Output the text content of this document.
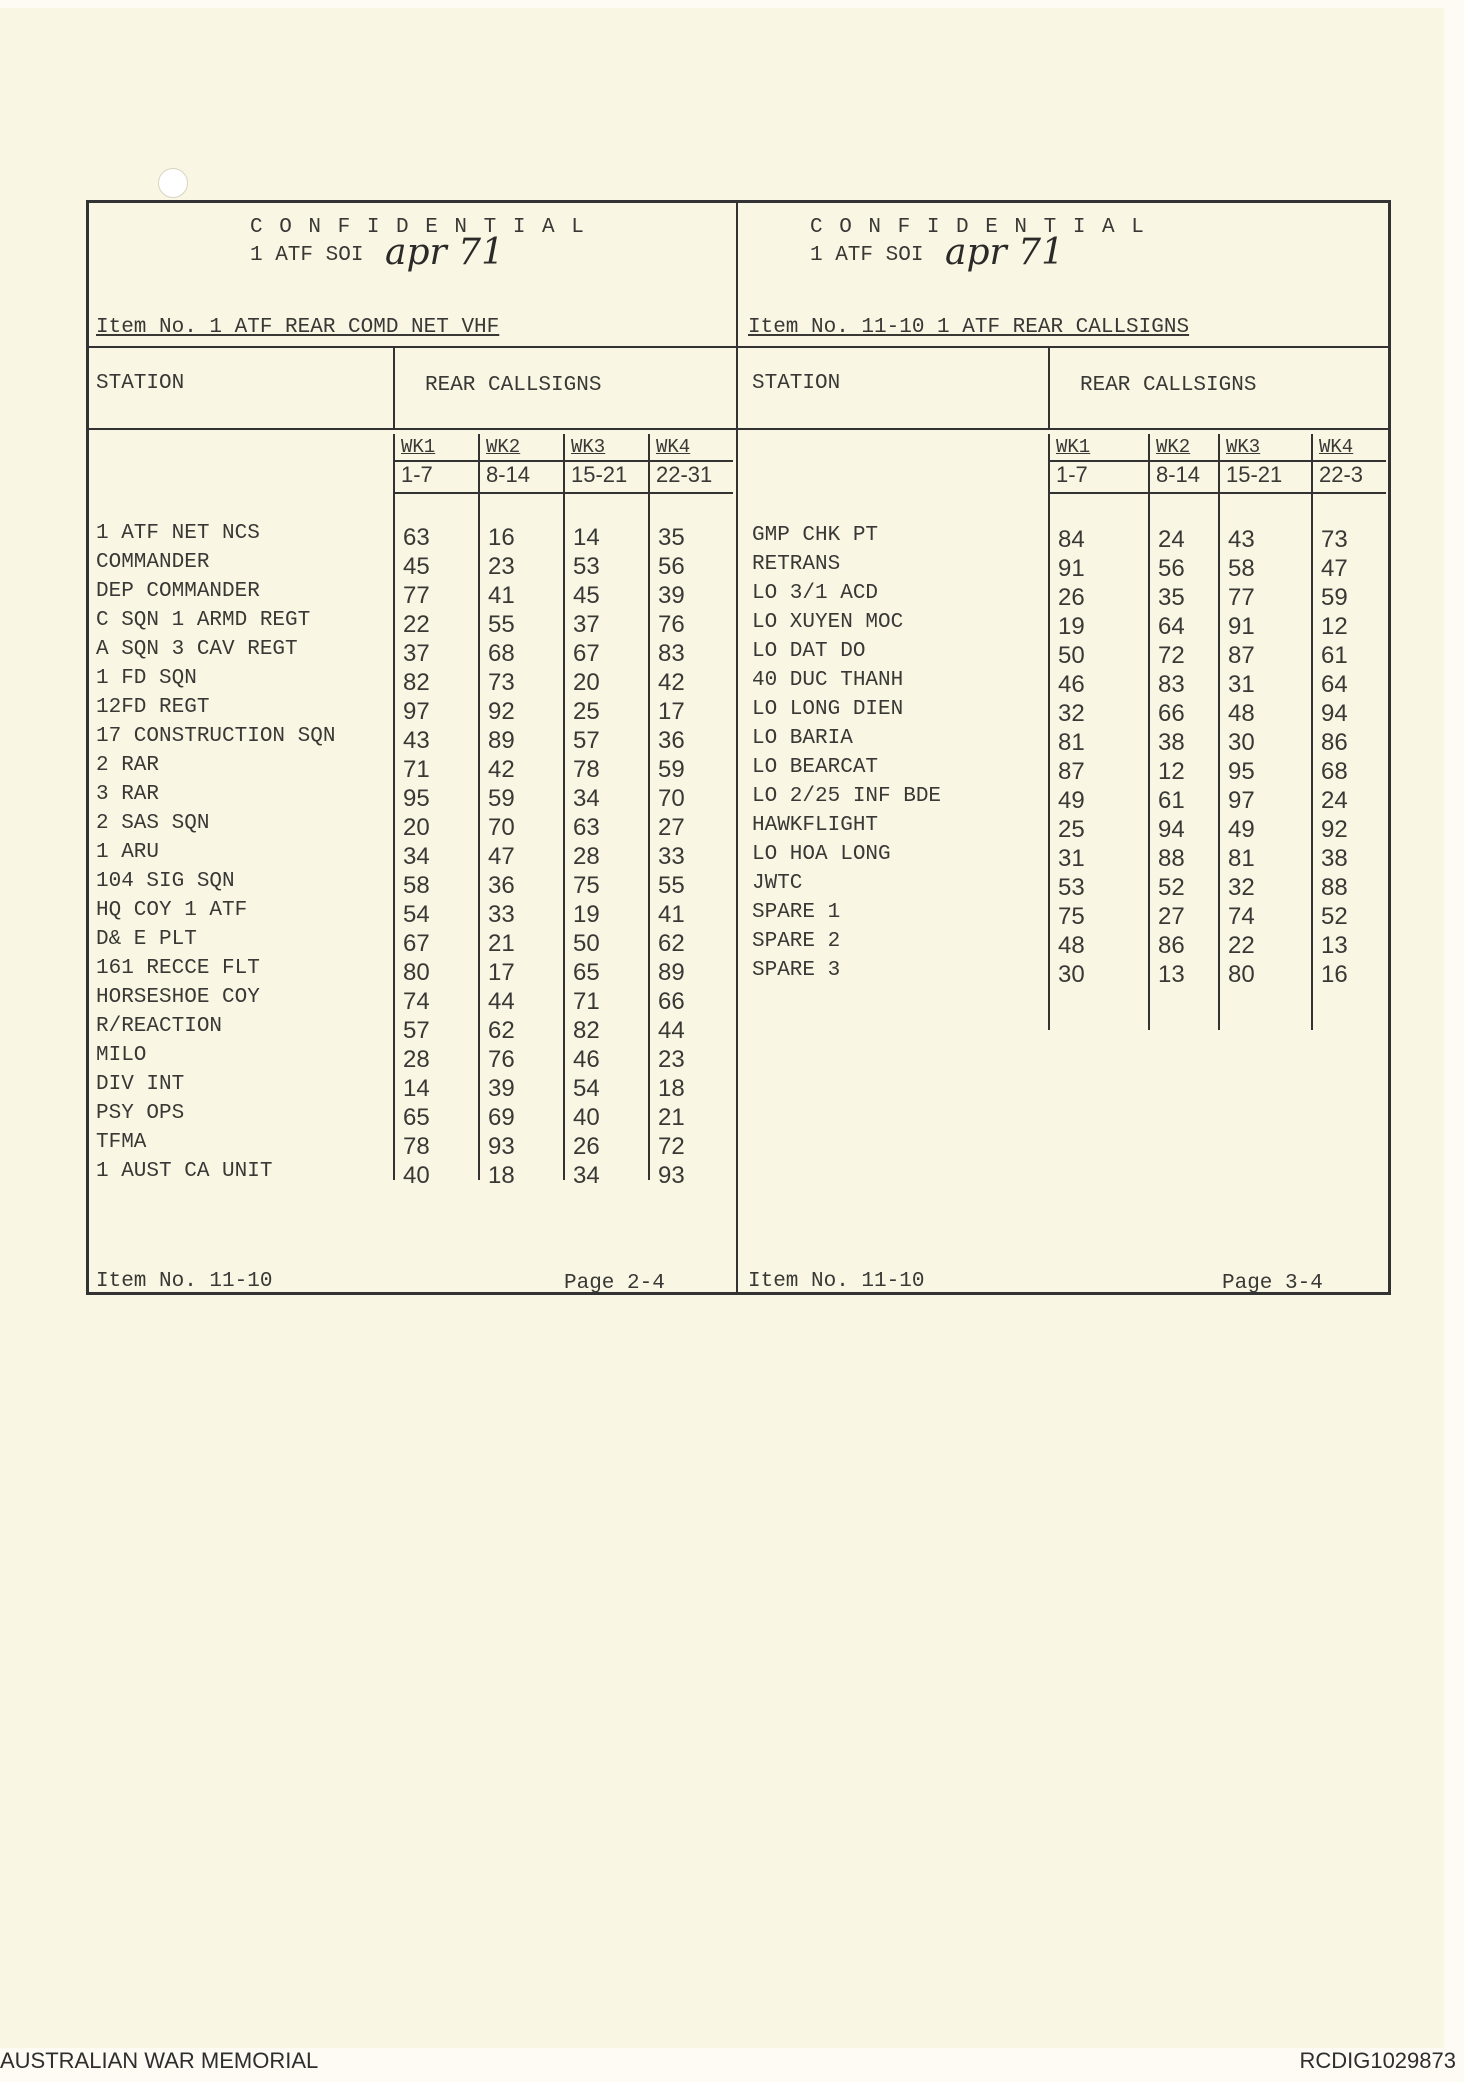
C O N F I D E N T I A L
1 ATF SOI apr 71
Item No. 1 ATF REAR COMD NET VHF
STATION	REAR CALLSIGNS
WK1
1-7
WK2
8-14
WK3
15-21
WK4
22-31
1 ATF NET NCS	63 16 14 35
COMMANDER	45 23 53 56
DEP COMMANDER	77 41 45 39
C SQN 1 ARMD REGT	22 55 37 76
A SQN 3 CAV REGT	37 68 67 83
1 FD SQN	82 73 20 42
12FD REGT	97 92 25 17
17 CONSTRUCTION SQN	43 89 57 36
2 RAR	71 42 78 59
3 RAR	95 59 34 70
2 SAS SQN	20 70 63 27
1 ARU	34 47 28 33
104 SIG SQN	58 36 75 55
HQ COY 1 ATF	54 33 19 41
D& E PLT	67 21 50 62
161 RECCE FLT	80 17 65 89
HORSESHOE COY	74 44 71 66
R/REACTION	57 62 82 44
MILO	28 76 46 23
DIV INT	14 39 54 18
PSY OPS	65 69 40 21
TFMA	78 93 26 72
1 AUST CA UNIT	40 18 34 93
Item No. 11-10	Page 2-4
C O N F I D E N T I A L
1 ATF SOI apr 71
Item No. 11-10 1 ATF REAR CALLSIGNS
STATION	REAR CALLSIGNS
WK1
1-7
WK2
8-14
WK3
15-21
WK4
22-3
GMP CHK PT	84	24 43	73
RETRANS	91	56 58	47
LO 3/1 ACD	26	35 77	59
LO XUYEN MOC	19	64 91	12
LO DAT DO	50	72 87	61
40 DUC THANH	46	83 31	64
LO LONG DIEN	32	66 48	94
LO BARIA	81	38 30	86
LO BEARCAT	87	12 95	68
LO 2/25 INF BDE	49	61 97	24
HAWKFLIGHT	25	94 49	92
LO HOA LONG	31	88 81	38
JWTC	53	52 32	88
SPARE 1	75	27 74	52
SPARE 2	48	86 22	13
SPARE 3	30	13 80	16
Item No. 11-10	Page 3-4
AUSTRALIAN WAR MEMORIAL	RCDIG1029873
